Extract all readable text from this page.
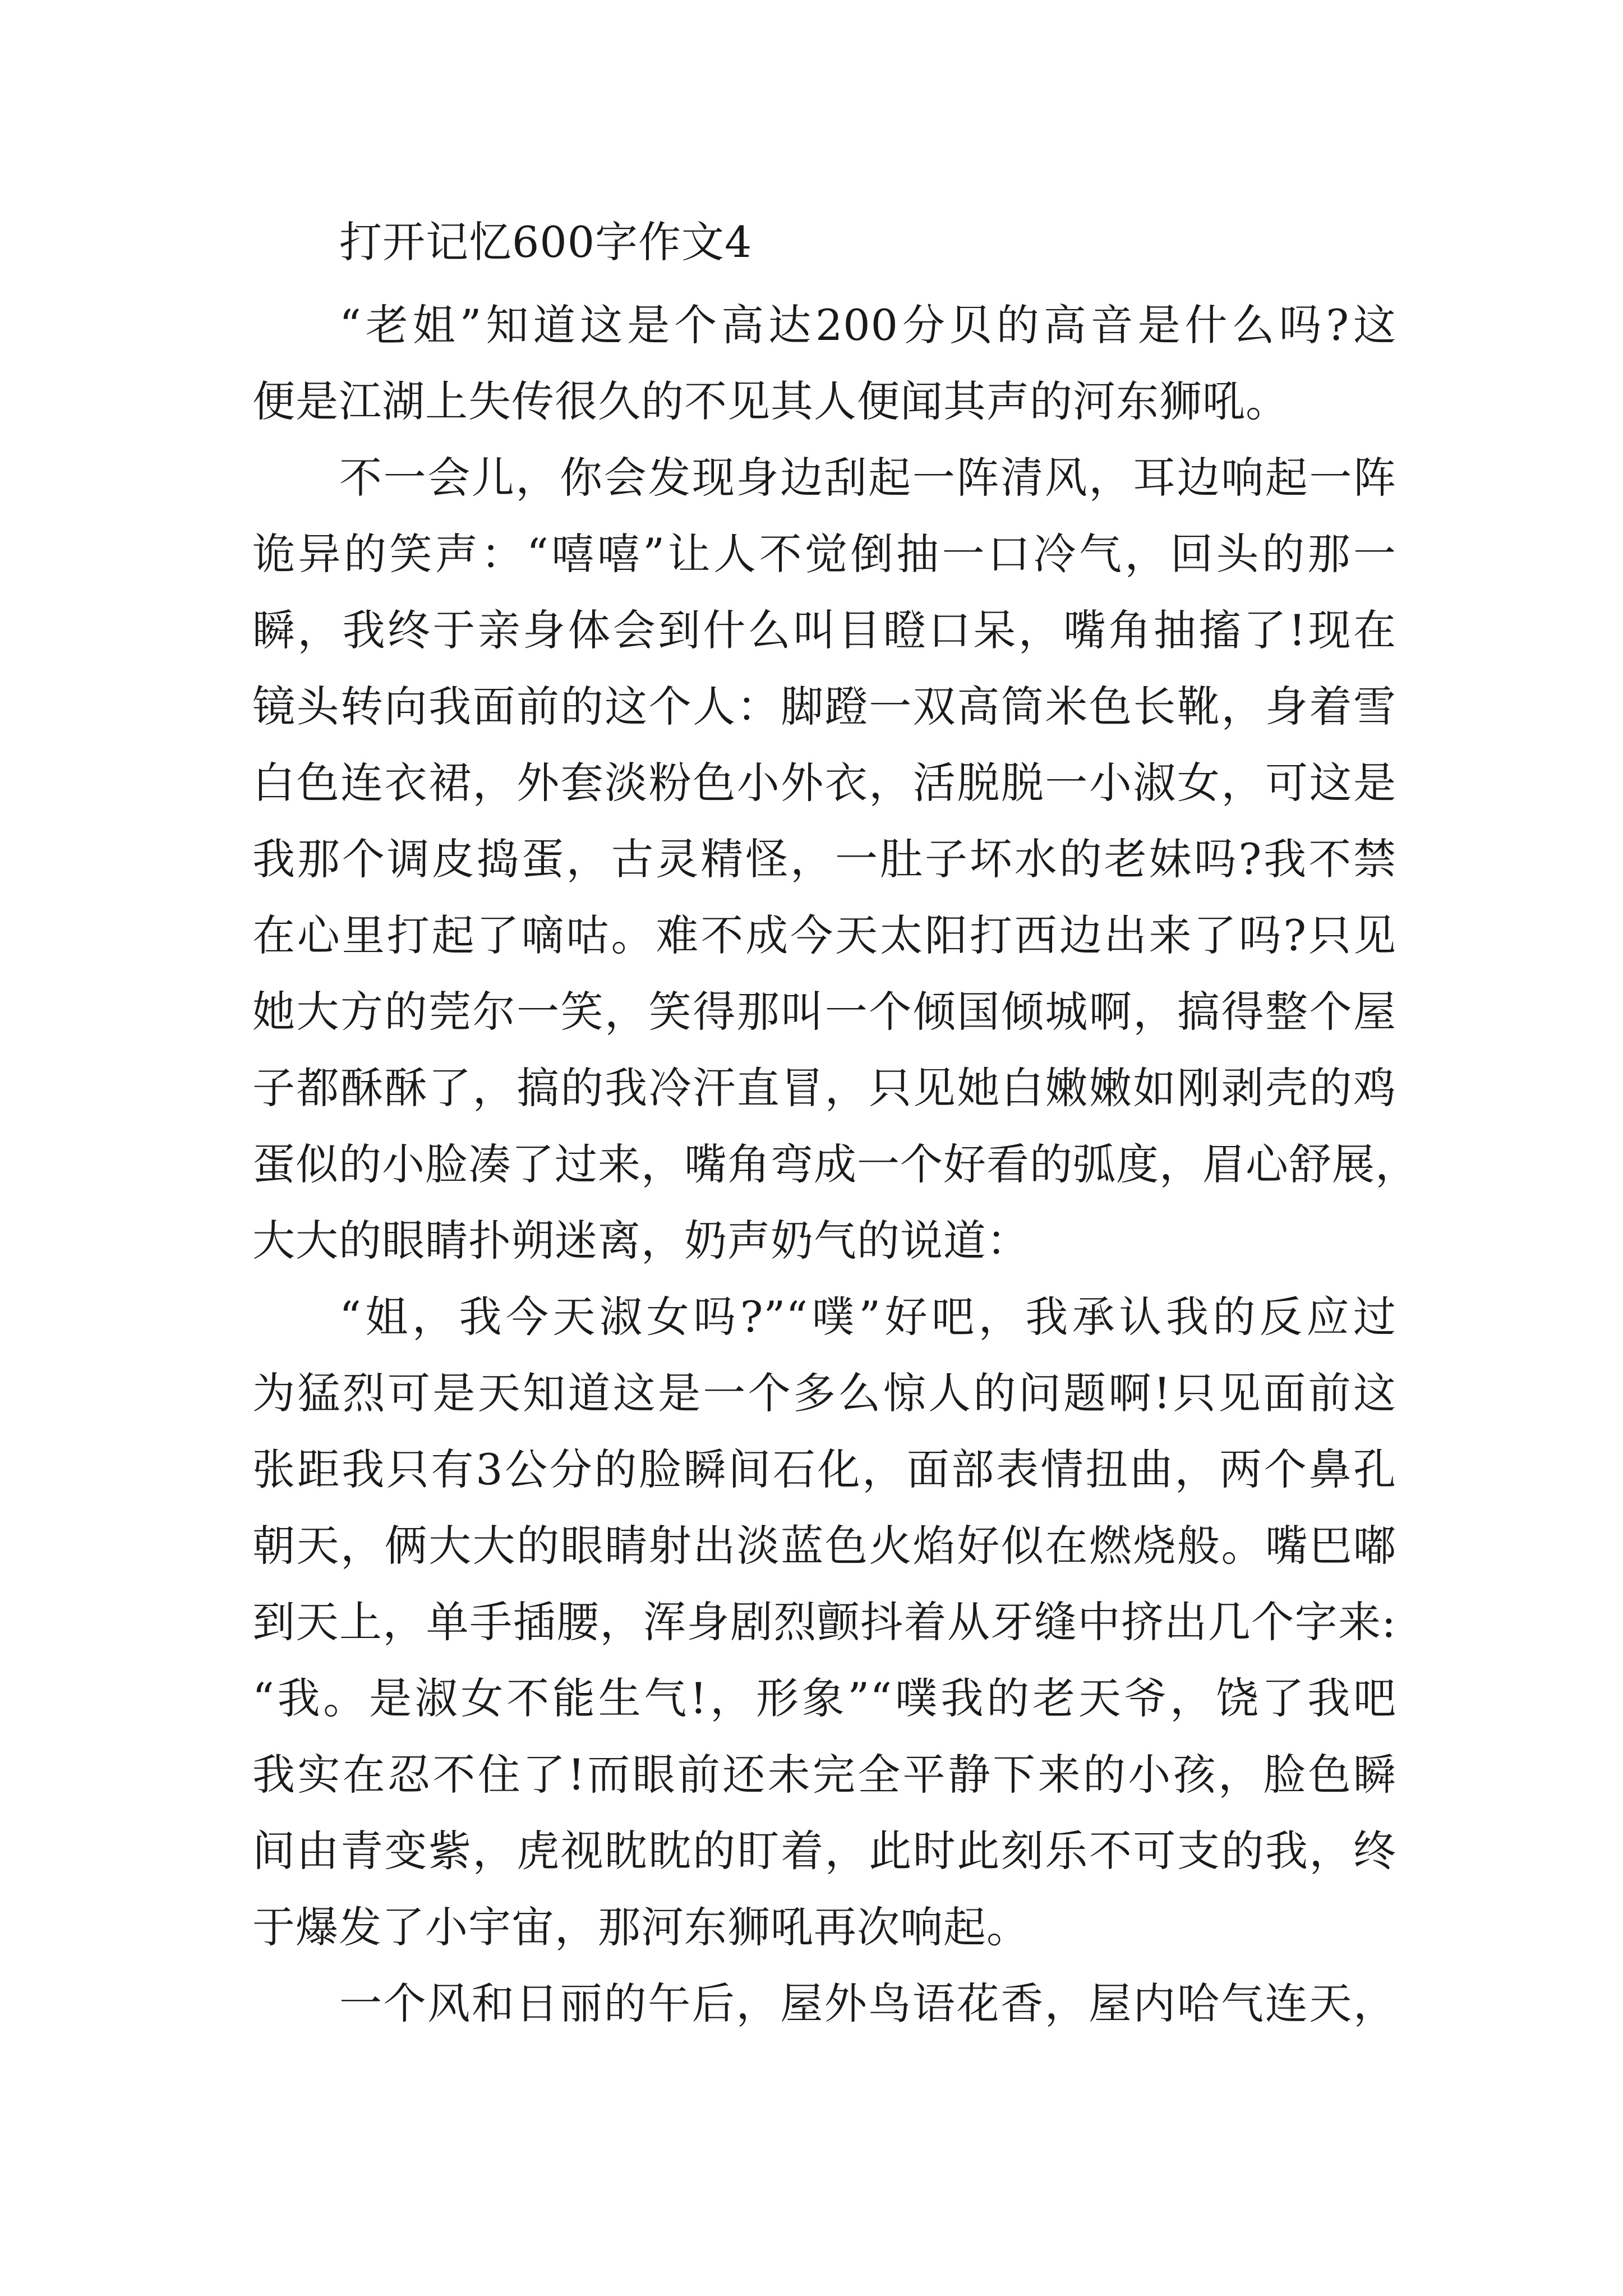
打开记忆600字作文4
“老姐”知道这是个高达200分贝的高音是什么吗?这
便是江湖上失传很久的不见其人便闻其声的河东狮吼。
不一会儿，你会发现身边刮起一阵清风，耳边响起一阵
诡异的笑声：“嘻嘻”让人不觉倒抽一口冷气，回头的那一
瞬，我终于亲身体会到什么叫目瞪口呆，嘴角抽搐了!现在
镜头转向我面前的这个人：脚蹬一双高筒米色长靴，身着雪
白色连衣裙，外套淡粉色小外衣，活脱脱一小淑女，可这是
我那个调皮捣蛋，古灵精怪，一肚子坏水的老妹吗?我不禁
在心里打起了嘀咕。难不成今天太阳打西边出来了吗?只见
她大方的莞尔一笑，笑得那叫一个倾国倾城啊，搞得整个屋
子都酥酥了，搞的我冷汗直冒，只见她白嫩嫩如刚剥壳的鸡
蛋似的小脸凑了过来，嘴角弯成一个好看的弧度，眉心舒展，
大大的眼睛扑朔迷离，奶声奶气的说道：
“姐，我今天淑女吗?”“噗”好吧，我承认我的反应过
为猛烈可是天知道这是一个多么惊人的问题啊!只见面前这
张距我只有3公分的脸瞬间石化，面部表情扭曲，两个鼻孔
朝天，俩大大的眼睛射出淡蓝色火焰好似在燃烧般。嘴巴嘟
到天上，单手插腰，浑身剧烈颤抖着从牙缝中挤出几个字来:
“我。是淑女不能生气!，形象”“噗我的老天爷，饶了我吧
我实在忍不住了!而眼前还未完全平静下来的小孩，脸色瞬
间由青变紫，虎视眈眈的盯着，此时此刻乐不可支的我，终
于爆发了小宇宙，那河东狮吼再次响起。
一个风和日丽的午后，屋外鸟语花香，屋内哈气连天，
